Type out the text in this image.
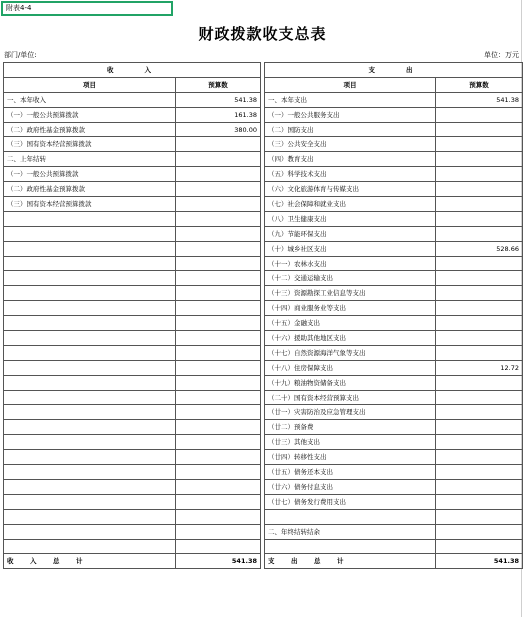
附表4-4
财政拨款收支总表
部门/单位:	单位：万元
收　　入			支　　出	
项目	预算数		项目	预算数
一、本年收入	541.38		一、本年支出	541.38
（一）一般公共预算拨款	161.38		（一）一般公共服务支出	
（二）政府性基金预算拨款	380.00		（二）国防支出	
（三）国有资本经营预算拨款			（三）公共安全支出	
二、上年结转			（四）教育支出	
（一）一般公共预算拨款			（五）科学技术支出	
（二）政府性基金预算拨款			（六）文化旅游体育与传媒支出	
（三）国有资本经营预算拨款			（七）社会保障和就业支出	
			（八）卫生健康支出	
			（九）节能环保支出	
			（十）城乡社区支出	528.66
			（十一）农林水支出	
			（十二）交通运输支出	
			（十三）资源勘探工业信息等支出	
			（十四）商业服务业等支出	
			（十五）金融支出	
			（十六）援助其他地区支出	
			（十七）自然资源海洋气象等支出	
			（十八）住房保障支出	12.72
			（十九）粮油物资储备支出	
			（二十）国有资本经营预算支出	
			（廿一）灾害防治及应急管理支出	
			（廿二）预备费	
			（廿三）其他支出	
			（廿四）转移性支出	
			（廿五）债务还本支出	
			（廿六）债务付息支出	
			（廿七）债务发行费用支出	

			二、年终结转结余	

收　入　总　计	541.38		支　出　总　计	541.38
